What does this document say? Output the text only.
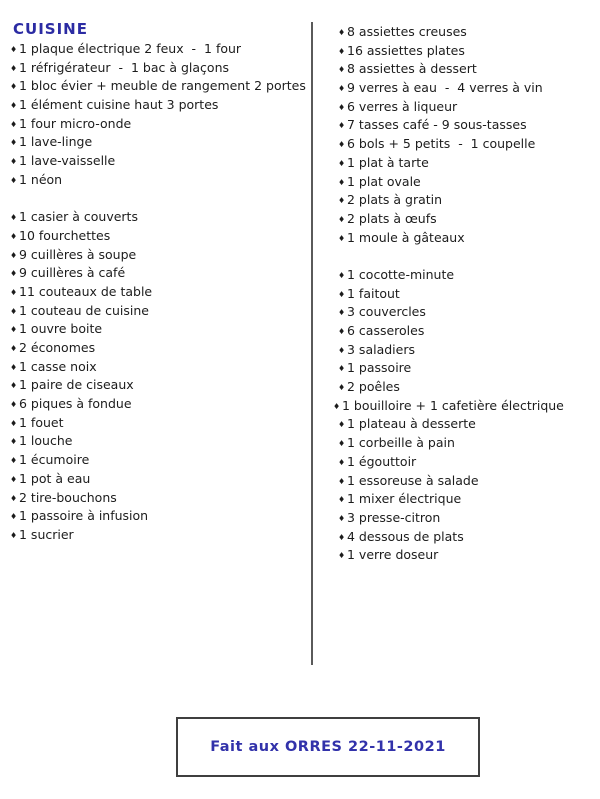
CUISINE
♦ 1 plaque électrique 2 feux  -  1 four
♦ 1 réfrigérateur  -  1 bac à glaçons
♦ 1 bloc évier + meuble de rangement 2 portes
♦ 1 élément cuisine haut 3 portes
♦ 1 four micro-onde
♦ 1 lave-linge
♦ 1 lave-vaisselle
♦ 1 néon
♦ 1 casier à couverts
♦ 10 fourchettes
♦ 9 cuillères à soupe
♦ 9 cuillères à café
♦ 11 couteaux de table
♦ 1 couteau de cuisine
♦ 1 ouvre boite
♦ 2 économes
♦ 1 casse noix
♦ 1 paire de ciseaux
♦ 6 piques à fondue
♦ 1 fouet
♦ 1 louche
♦ 1 écumoire
♦ 1 pot à eau
♦ 2 tire-bouchons
♦ 1 passoire à infusion
♦ 1 sucrier
♦ 8 assiettes creuses
♦ 16 assiettes plates
♦ 8 assiettes à dessert
♦ 9 verres à eau  -  4 verres à vin
♦ 6 verres à liqueur
♦ 7 tasses café - 9 sous-tasses
♦ 6 bols + 5 petits  -  1 coupelle
♦ 1 plat à tarte
♦ 1 plat ovale
♦ 2 plats à gratin
♦ 2 plats à œufs
♦ 1 moule à gâteaux
♦ 1 cocotte-minute
♦ 1 faitout
♦ 3 couvercles
♦ 6 casseroles
♦ 3 saladiers
♦ 1 passoire
♦ 2 poêles
♦ 1 bouilloire + 1 cafetière électrique
♦ 1 plateau à desserte
♦ 1 corbeille à pain
♦ 1 égouttoir
♦ 1 essoreuse à salade
♦ 1 mixer électrique
♦ 3 presse-citron
♦ 4 dessous de plats
♦ 1 verre doseur
Fait aux ORRES 22-11-2021
